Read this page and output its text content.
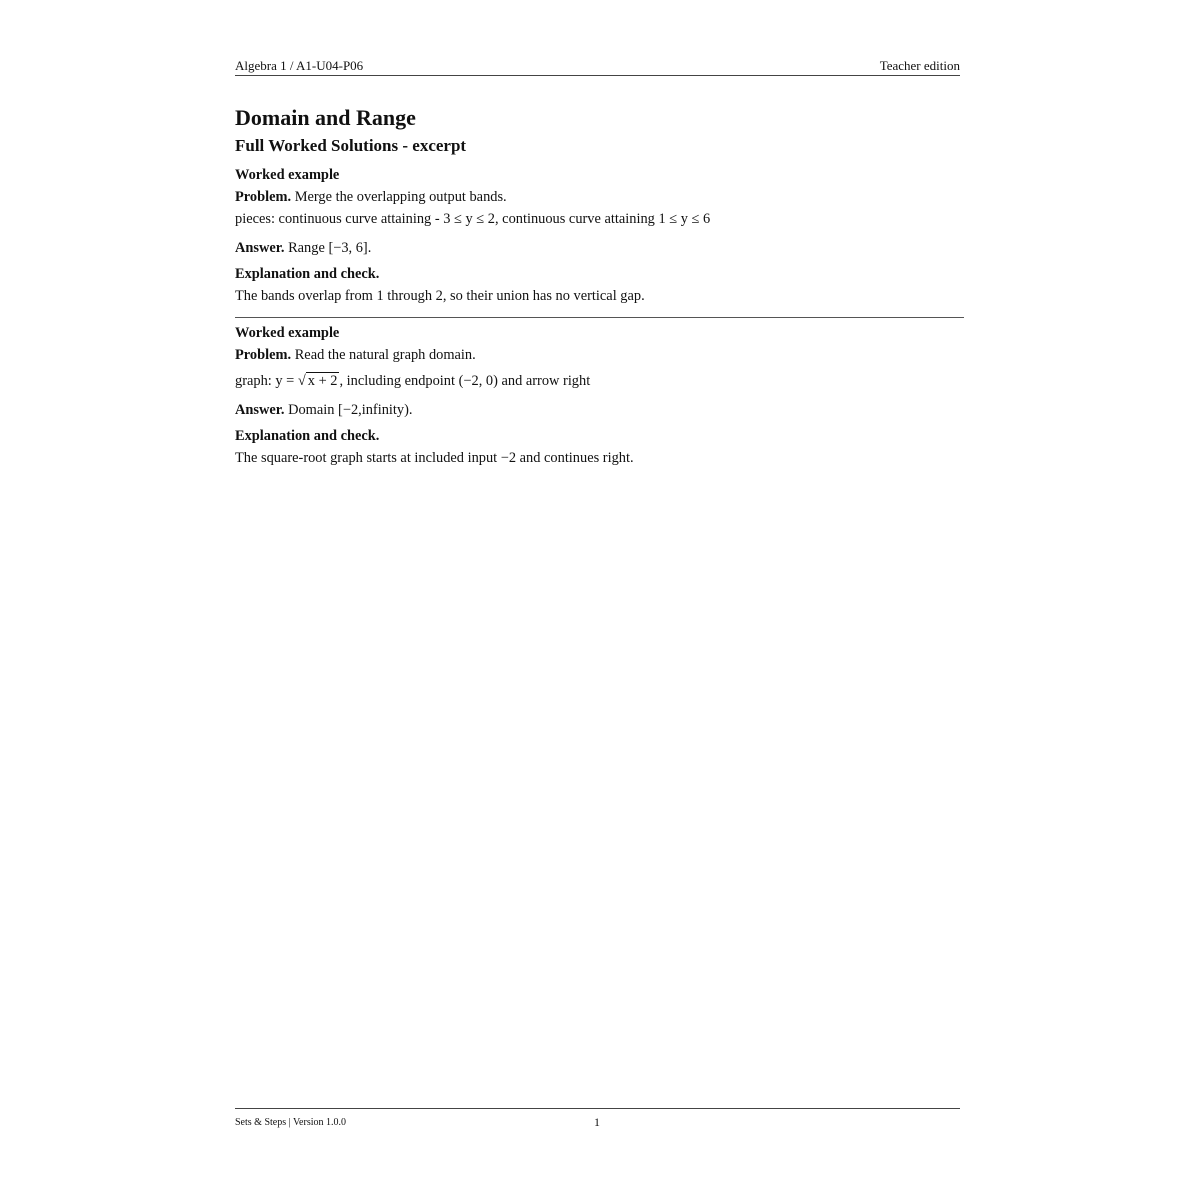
Algebra 1 / A1-U04-P06	Teacher edition
Domain and Range
Full Worked Solutions - excerpt

Worked example

Problem. Merge the overlapping output bands.

pieces: continuous curve attaining - 3 ≤ y ≤ 2, continuous curve attaining 1 ≤ y ≤ 6

Answer. Range [−3, 6].

Explanation and check.

The bands overlap from 1 through 2, so their union has no vertical gap.

Worked example

Problem. Read the natural graph domain.

graph: y = √ x + 2 , including endpoint (−2, 0) and arrow right

Answer. Domain [−2,infinity).

Explanation and check.

The square-root graph starts at included input −2 and continues right.

Sets & Steps | Version 1.0.0	1
